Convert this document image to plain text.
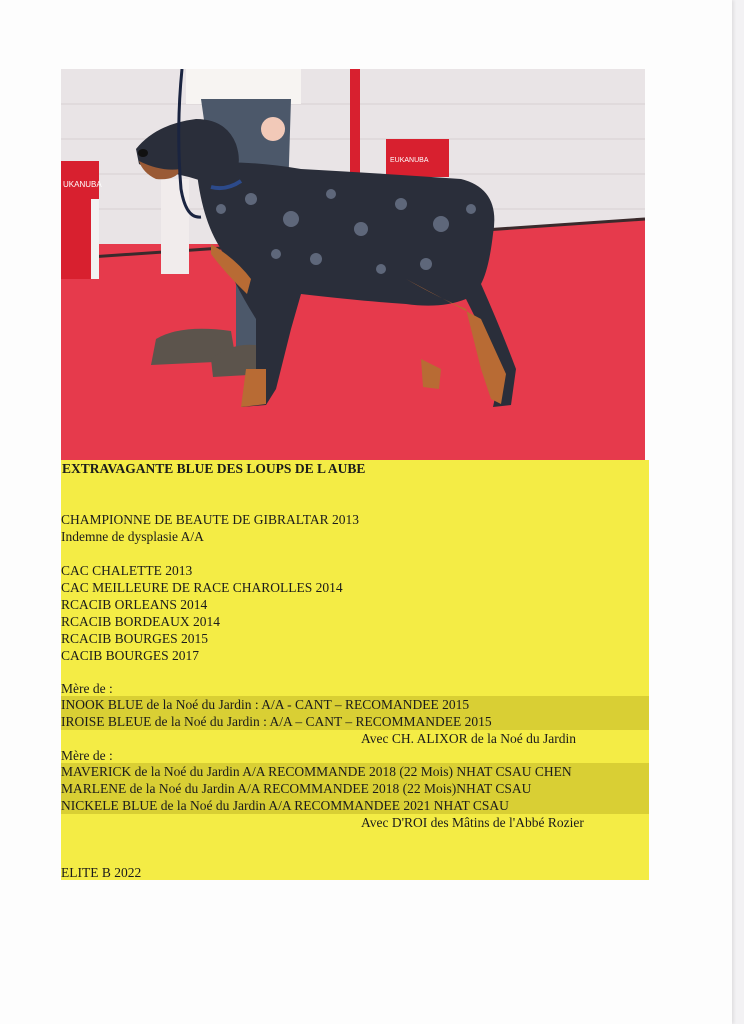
UKANUBA
EUKANUBA
EXTRAVAGANTE BLUE DES LOUPS DE L AUBE
CHAMPIONNE DE BEAUTE DE GIBRALTAR 2013
Indemne de dysplasie A/A
CAC CHALETTE 2013
CAC MEILLEURE DE RACE CHAROLLES 2014
RCACIB ORLEANS 2014
RCACIB BORDEAUX 2014
RCACIB BOURGES 2015
CACIB BOURGES 2017
Mère de :
INOOK BLUE de la Noé du Jardin : A/A - CANT – RECOMANDEE 2015
IROISE BLEUE de la Noé du Jardin : A/A – CANT – RECOMMANDEE 2015
Avec CH. ALIXOR de la Noé du Jardin
Mère de :
MAVERICK de la Noé du Jardin A/A RECOMMANDE 2018 (22 Mois) NHAT CSAU CHEN
MARLENE de la Noé du Jardin A/A RECOMMANDEE 2018 (22 Mois)NHAT CSAU
NICKELE BLUE de la Noé du Jardin A/A RECOMMANDEE 2021 NHAT CSAU
Avec D'ROI des Mâtins de l'Abbé Rozier
ELITE B 2022
